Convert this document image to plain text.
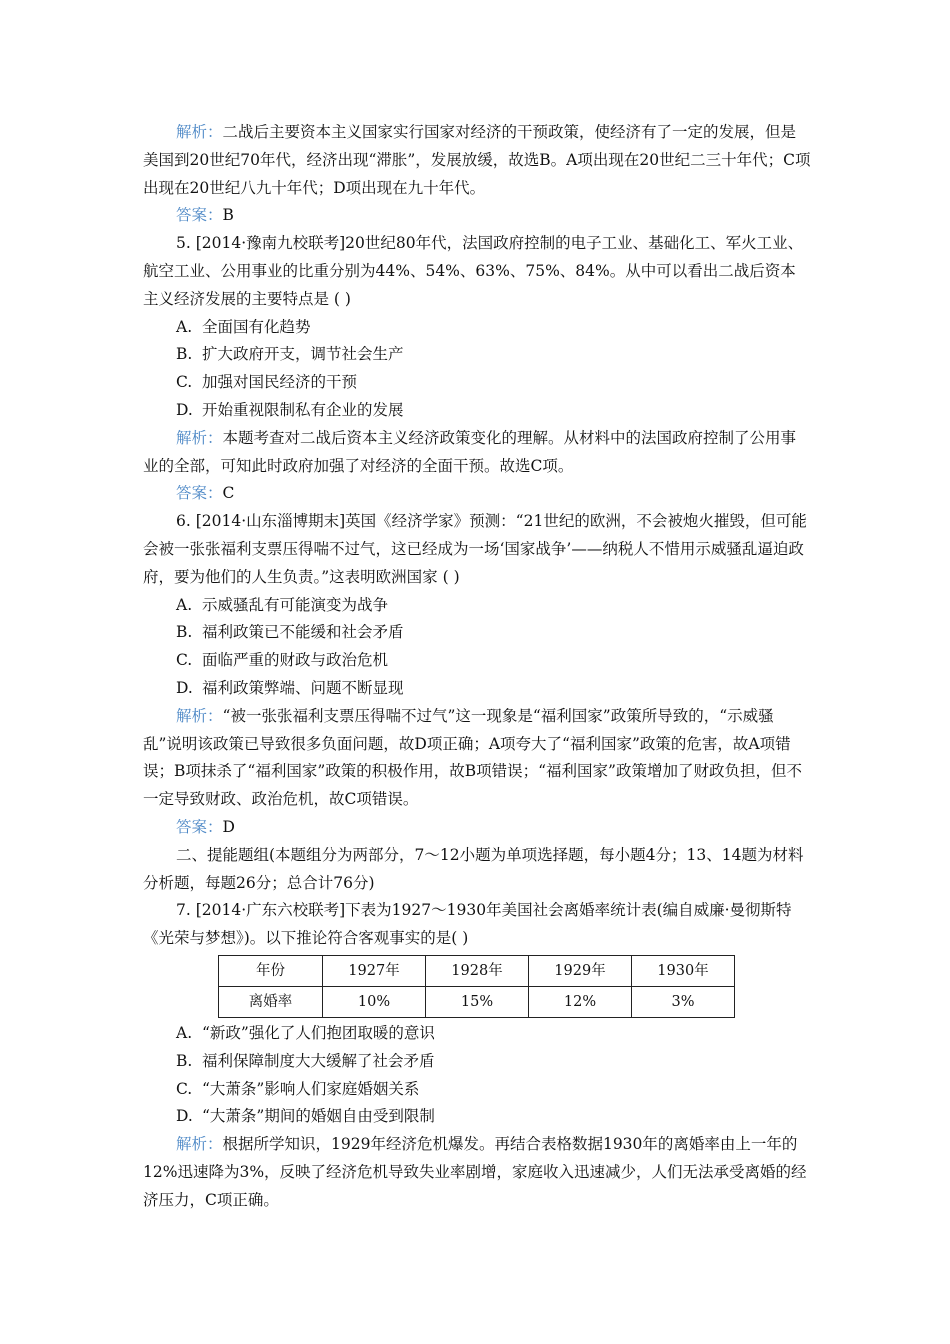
解析：二战后主要资本主义国家实行国家对经济的干预政策，使经济有了一定的发展，但是美国到20世纪70年代，经济出现“滞胀”，发展放缓，故选B。A项出现在20世纪二三十年代；C项出现在20世纪八九十年代；D项出现在九十年代。

答案：B

5. [2014·豫南九校联考]20世纪80年代，法国政府控制的电子工业、基础化工、军火工业、航空工业、公用事业的比重分别为44%、54%、63%、75%、84%。从中可以看出二战后资本主义经济发展的主要特点是 ( )

A. 全面国有化趋势

B. 扩大政府开支，调节社会生产

C. 加强对国民经济的干预

D. 开始重视限制私有企业的发展

解析：本题考查对二战后资本主义经济政策变化的理解。从材料中的法国政府控制了公用事业的全部，可知此时政府加强了对经济的全面干预。故选C项。

答案：C

6. [2014·山东淄博期末]英国《经济学家》预测：“21世纪的欧洲，不会被炮火摧毁，但可能会被一张张福利支票压得喘不过气，这已经成为一场‘国家战争’——纳税人不惜用示威骚乱逼迫政府，要为他们的人生负责。”这表明欧洲国家 ( )

A. 示威骚乱有可能演变为战争

B. 福利政策已不能缓和社会矛盾

C. 面临严重的财政与政治危机

D. 福利政策弊端、问题不断显现

解析：“被一张张福利支票压得喘不过气”这一现象是“福利国家”政策所导致的，“示威骚乱”说明该政策已导致很多负面问题，故D项正确；A项夸大了“福利国家”政策的危害，故A项错误；B项抹杀了“福利国家”政策的积极作用，故B项错误；“福利国家”政策增加了财政负担，但不一定导致财政、政治危机，故C项错误。

答案：D

二、提能题组(本题组分为两部分，7～12小题为单项选择题，每小题4分；13、14题为材料分析题，每题26分；总合计76分)

7. [2014·广东六校联考]下表为1927～1930年美国社会离婚率统计表(编自威廉·曼彻斯特《光荣与梦想》)。以下推论符合客观事实的是( )

年份	1927年	1928年	1929年	1930年
离婚率	10%	15%	12%	3%

A. “新政”强化了人们抱团取暖的意识

B. 福利保障制度大大缓解了社会矛盾

C. “大萧条”影响人们家庭婚姻关系

D. “大萧条”期间的婚姻自由受到限制

解析：根据所学知识，1929年经济危机爆发。再结合表格数据1930年的离婚率由上一年的12%迅速降为3%，反映了经济危机导致失业率剧增，家庭收入迅速减少，人们无法承受离婚的经济压力，C项正确。
